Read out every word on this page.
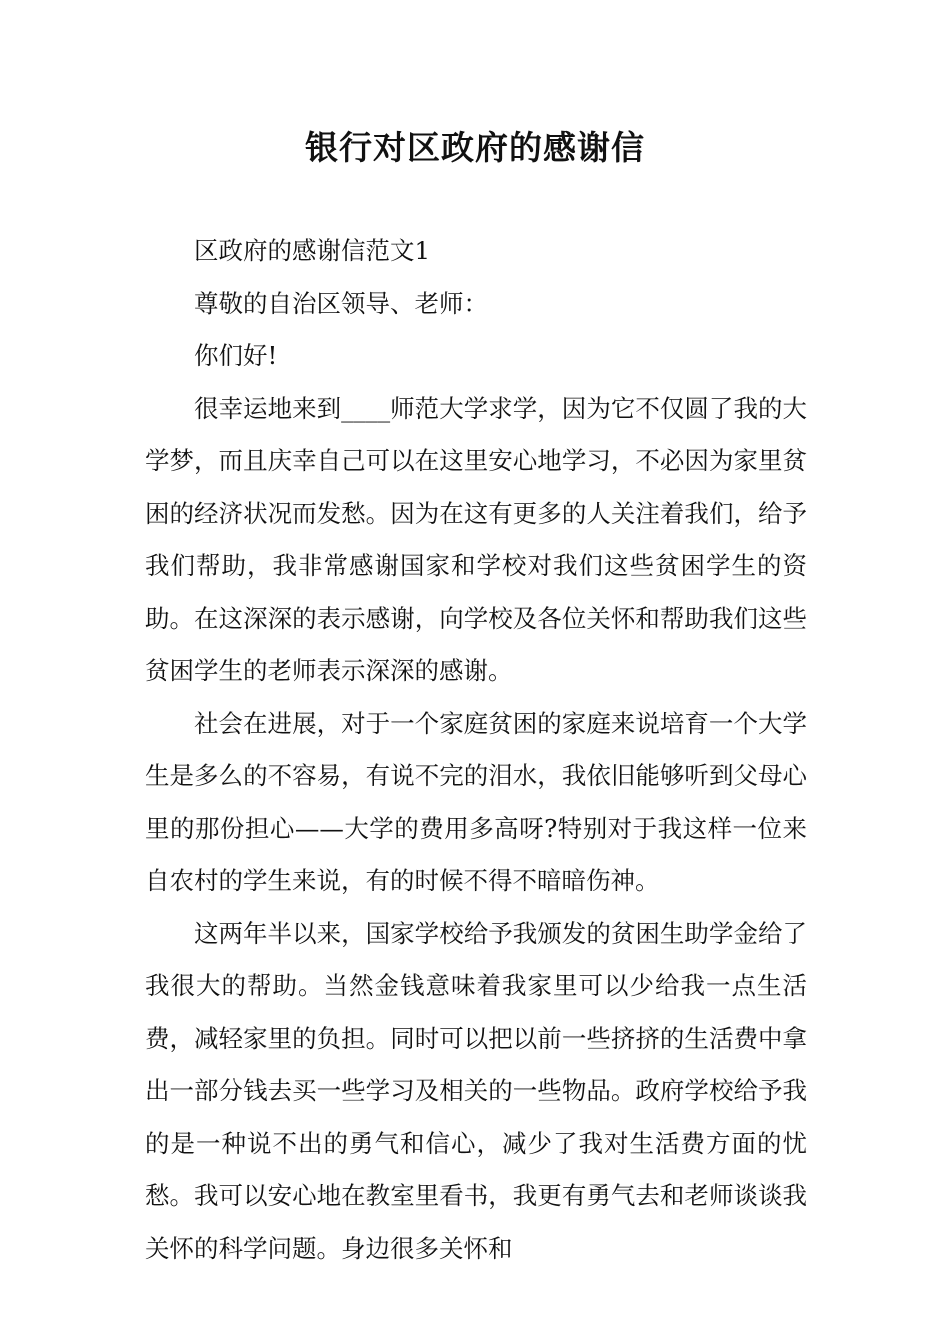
银行对区政府的感谢信

区政府的感谢信范文1

尊敬的自治区领导、老师：

你们好!

很幸运地来到____师范大学求学，因为它不仅圆了我的大学梦，而且庆幸自己可以在这里安心地学习，不必因为家里贫困的经济状况而发愁。因为在这有更多的人关注着我们，给予我们帮助，我非常感谢国家和学校对我们这些贫困学生的资助。在这深深的表示感谢，向学校及各位关怀和帮助我们这些贫困学生的老师表示深深的感谢。

社会在进展，对于一个家庭贫困的家庭来说培育一个大学生是多么的不容易，有说不完的泪水，我依旧能够听到父母心里的那份担心——大学的费用多高呀?特别对于我这样一位来自农村的学生来说，有的时候不得不暗暗伤神。

这两年半以来，国家学校给予我颁发的贫困生助学金给了我很大的帮助。当然金钱意味着我家里可以少给我一点生活费，减轻家里的负担。同时可以把以前一些挤挤的生活费中拿出一部分钱去买一些学习及相关的一些物品。政府学校给予我的是一种说不出的勇气和信心，减少了我对生活费方面的忧愁。我可以安心地在教室里看书，我更有勇气去和老师谈谈我关怀的科学问题。身边很多关怀和
